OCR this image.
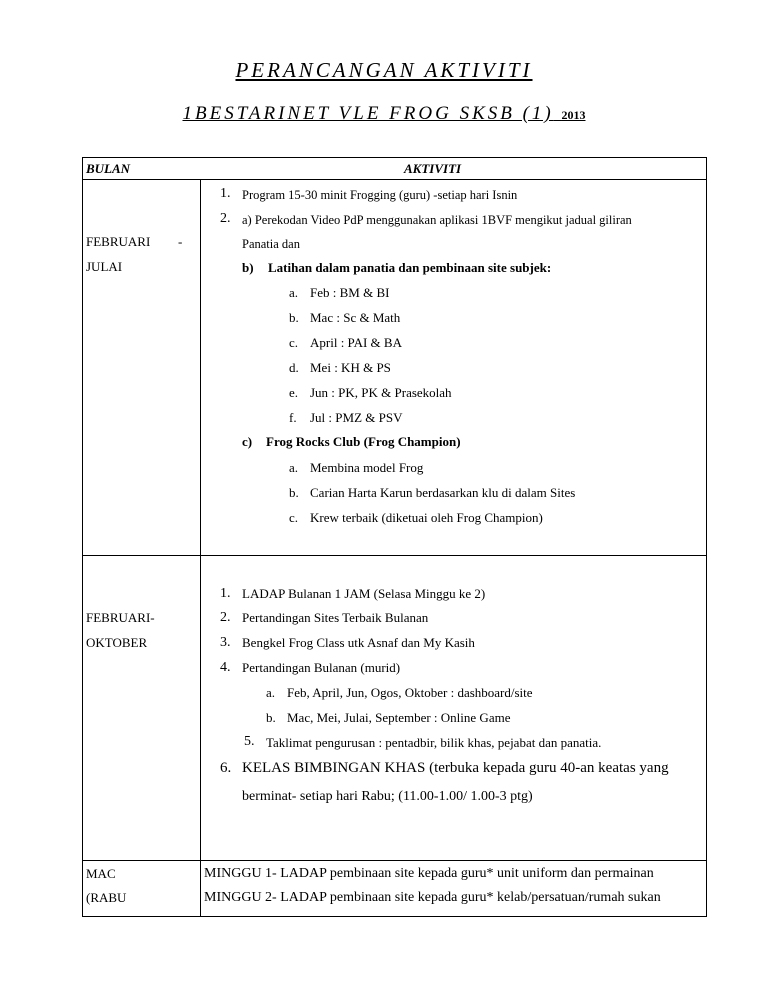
PERANCANGAN AKTIVITI
1BESTARINET VLE FROG SKSB (1) 2013
BULAN	AKTIVITI
FEBRUARI -
JULAI
1. Program 15-30 minit Frogging (guru) -setiap hari Isnin
2. a) Perekodan Video PdP menggunakan aplikasi 1BVF mengikut jadual giliran
Panatia dan
b) Latihan dalam panatia dan pembinaan site subjek:
a. Feb : BM & BI
b. Mac : Sc & Math
c. April : PAI & BA
d. Mei : KH & PS
e. Jun : PK, PK & Prasekolah
f. Jul : PMZ & PSV
c) Frog Rocks Club (Frog Champion)
a. Membina model Frog
b. Carian Harta Karun berdasarkan klu di dalam Sites
c. Krew terbaik (diketuai oleh Frog Champion)
FEBRUARI-
OKTOBER
1. LADAP Bulanan 1 JAM (Selasa Minggu ke 2)
2. Pertandingan Sites Terbaik Bulanan
3. Bengkel Frog Class utk Asnaf dan My Kasih
4. Pertandingan Bulanan (murid)
a. Feb, April, Jun, Ogos, Oktober : dashboard/site
b. Mac, Mei, Julai, September : Online Game
5. Taklimat pengurusan : pentadbir, bilik khas, pejabat dan panatia.
6. KELAS BIMBINGAN KHAS (terbuka kepada guru 40-an keatas yang
berminat- setiap hari Rabu; (11.00-1.00/ 1.00-3 ptg)
MAC
(RABU
MINGGU 1- LADAP pembinaan site kepada guru* unit uniform dan permainan
MINGGU 2- LADAP pembinaan site kepada guru* kelab/persatuan/rumah sukan
